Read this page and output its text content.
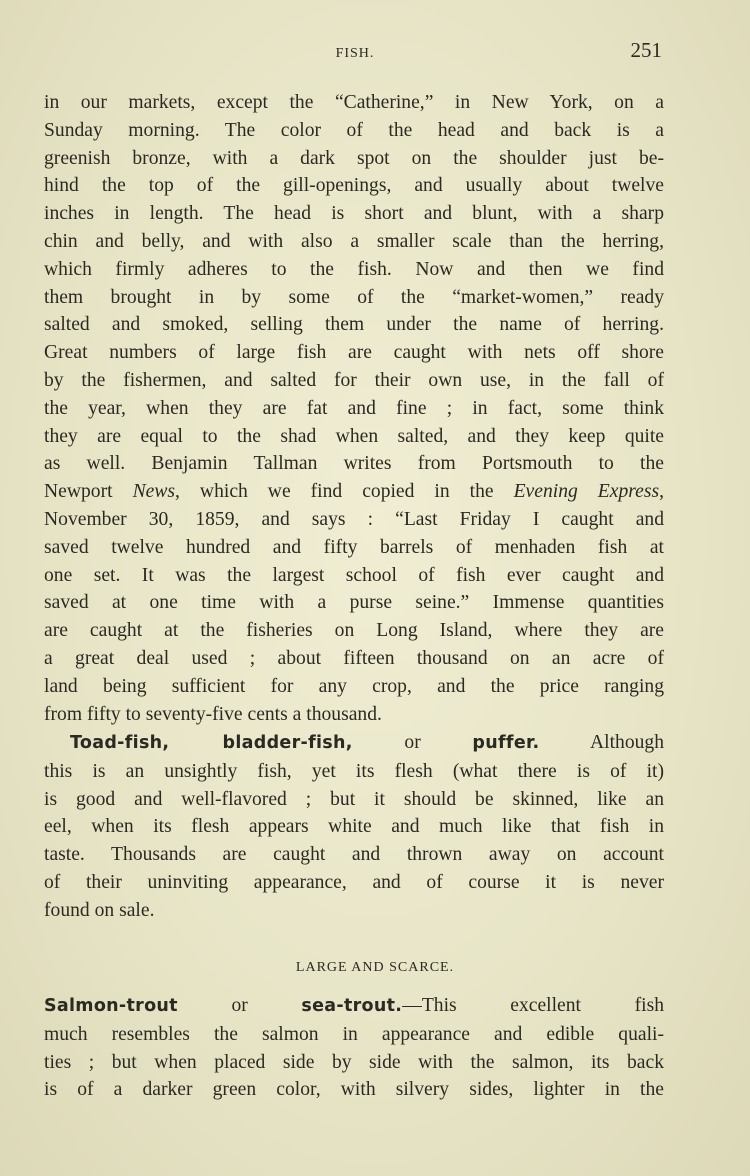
FISH.	251
in our markets, except the “Catherine,” in New York, on a
Sunday morning. The color of the head and back is a
greenish bronze, with a dark spot on the shoulder just be-
hind the top of the gill-openings, and usually about twelve
inches in length. The head is short and blunt, with a sharp
chin and belly, and with also a smaller scale than the herring,
which firmly adheres to the fish. Now and then we find
them brought in by some of the “market-women,” ready
salted and smoked, selling them under the name of herring.
Great numbers of large fish are caught with nets off shore
by the fishermen, and salted for their own use, in the fall of
the year, when they are fat and fine ; in fact, some think
they are equal to the shad when salted, and they keep quite
as well. Benjamin Tallman writes from Portsmouth to the
Newport News, which we find copied in the Evening Express,
November 30, 1859, and says : “Last Friday I caught and
saved twelve hundred and fifty barrels of menhaden fish at
one set. It was the largest school of fish ever caught and
saved at one time with a purse seine.” Immense quantities
are caught at the fisheries on Long Island, where they are
a great deal used ; about fifteen thousand on an acre of
land being sufficient for any crop, and the price ranging
from fifty to seventy-five cents a thousand.
Toad-fish, bladder-fish, or puffer. Although
this is an unsightly fish, yet its flesh (what there is of it)
is good and well-flavored ; but it should be skinned, like an
eel, when its flesh appears white and much like that fish in
taste. Thousands are caught and thrown away on account
of their uninviting appearance, and of course it is never
found on sale.
LARGE AND SCARCE.
Salmon-trout or sea-trout.—This excellent fish
much resembles the salmon in appearance and edible quali-
ties ; but when placed side by side with the salmon, its back
is of a darker green color, with silvery sides, lighter in the
